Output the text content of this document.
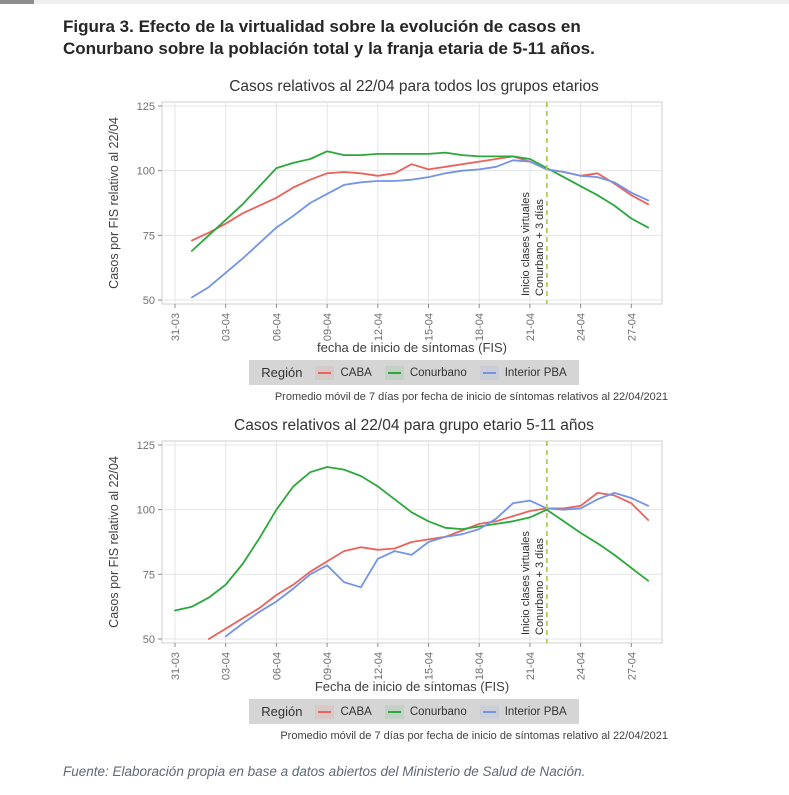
Figura 3. Efecto de la virtualidad sobre la evolución de casos en
Conurbano sobre la población total y la franja etaria de 5-11 años.
Casos relativos al 22/04 para todos los grupos etarios
Inicio clases virtuales Conurbano + 3 días
50
75
100
125
31-03	03-04	06-04	09-04	12-04	15-04	18-04	21-04	24-04	27-04
Casos por FIS relativo al 22/04
fecha de inicio de síntomas (FIS)
Región	CABA	Conurbano	Interior PBA
Promedio móvil de 7 días por fecha de inicio de síntomas relativos al 22/04/2021
Casos relativos al 22/04 para grupo etario 5-11 años
Inicio clases virtuales Conurbano + 3 días
50
75
100
125
31-03	03-04	06-04	09-04	12-04	15-04	18-04	21-04	24-04	27-04
Casos por FIS relativo al 22/04
Fecha de inicio de síntomas (FIS)
Región	CABA	Conurbano	Interior PBA
Promedio móvil de 7 días por fecha de inicio de síntomas relativo al 22/04/2021
Fuente: Elaboración propia en base a datos abiertos del Ministerio de Salud de Nación.
